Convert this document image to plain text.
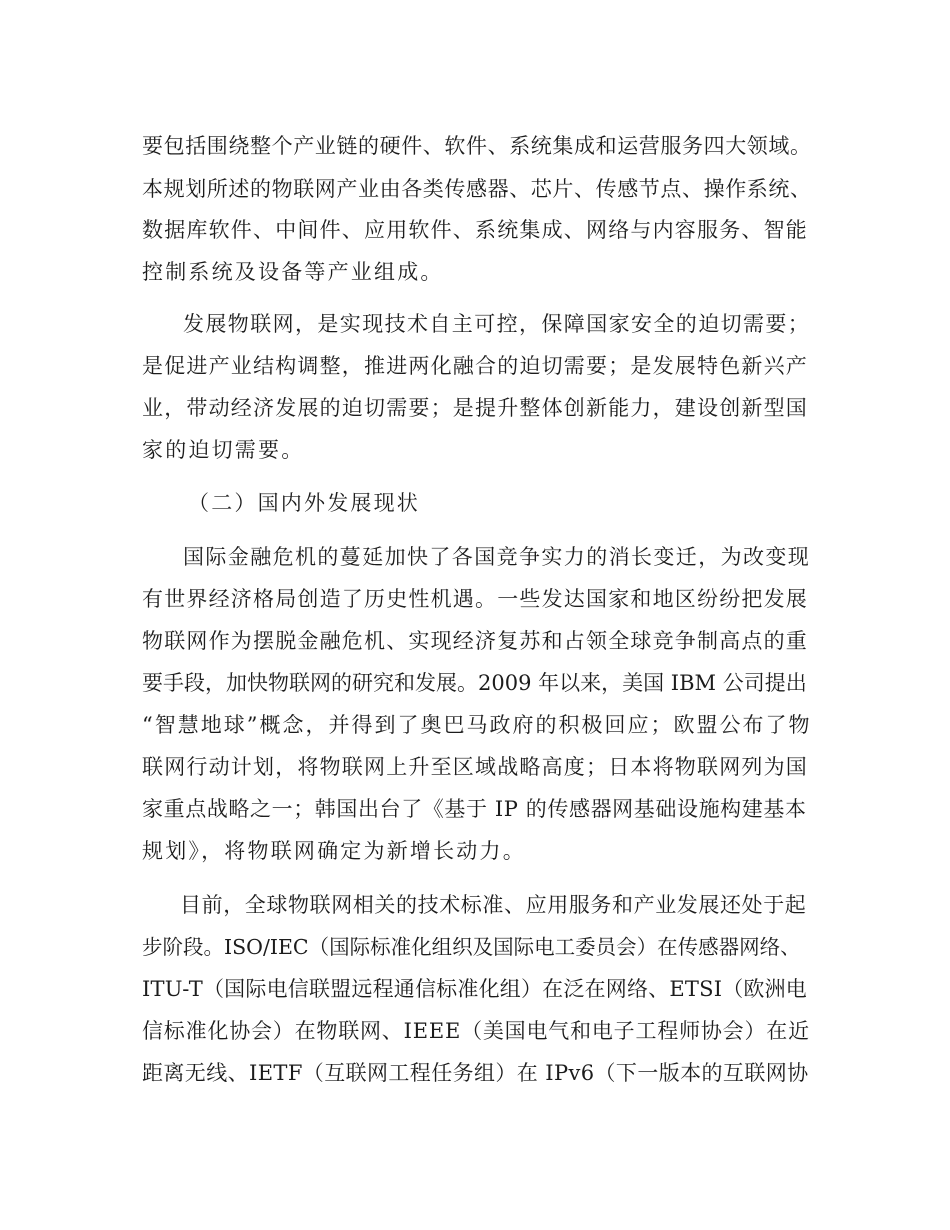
要包括围绕整个产业链的硬件、软件、系统集成和运营服务四大领域。
本规划所述的物联网产业由各类传感器、芯片、传感节点、操作系统、
数据库软件、中间件、应用软件、系统集成、网络与内容服务、智能
控制系统及设备等产业组成。
发展物联网，是实现技术自主可控，保障国家安全的迫切需要；
是促进产业结构调整，推进两化融合的迫切需要；是发展特色新兴产
业，带动经济发展的迫切需要；是提升整体创新能力，建设创新型国
家的迫切需要。
（二）国内外发展现状
国际金融危机的蔓延加快了各国竞争实力的消长变迁，为改变现
有世界经济格局创造了历史性机遇。一些发达国家和地区纷纷把发展
物联网作为摆脱金融危机、实现经济复苏和占领全球竞争制高点的重
要手段，加快物联网的研究和发展。2009 年以来，美国 IBM 公司提出
“智慧地球”概念，并得到了奥巴马政府的积极回应；欧盟公布了物
联网行动计划，将物联网上升至区域战略高度；日本将物联网列为国
家重点战略之一；韩国出台了《基于 IP 的传感器网基础设施构建基本
规划》，将物联网确定为新增长动力。
目前，全球物联网相关的技术标准、应用服务和产业发展还处于起
步阶段。ISO/IEC（国际标准化组织及国际电工委员会）在传感器网络、
ITU-T（国际电信联盟远程通信标准化组）在泛在网络、ETSI（欧洲电
信标准化协会）在物联网、IEEE（美国电气和电子工程师协会）在近
距离无线、IETF（互联网工程任务组）在 IPv6（下一版本的互联网协
